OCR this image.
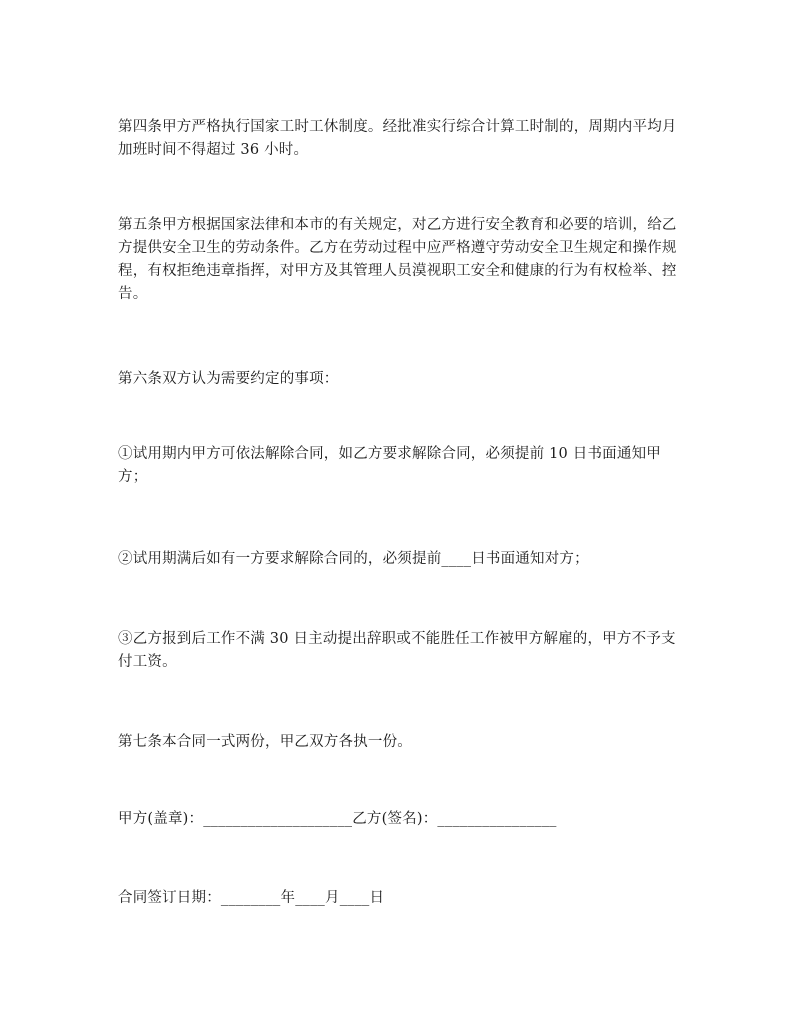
第四条甲方严格执行国家工时工休制度。经批准实行综合计算工时制的，周期内平均月加班时间不得超过 36 小时。

第五条甲方根据国家法律和本市的有关规定，对乙方进行安全教育和必要的培训，给乙方提供安全卫生的劳动条件。乙方在劳动过程中应严格遵守劳动安全卫生规定和操作规程，有权拒绝违章指挥，对甲方及其管理人员漠视职工安全和健康的行为有权检举、控告。

第六条双方认为需要约定的事项：

①试用期内甲方可依法解除合同，如乙方要求解除合同，必须提前 10 日书面通知甲方；

②试用期满后如有一方要求解除合同的，必须提前____日书面通知对方；

③乙方报到后工作不满 30 日主动提出辞职或不能胜任工作被甲方解雇的，甲方不予支付工资。

第七条本合同一式两份，甲乙双方各执一份。

甲方(盖章)：____________________乙方(签名)：________________

合同签订日期：________年____月____日
